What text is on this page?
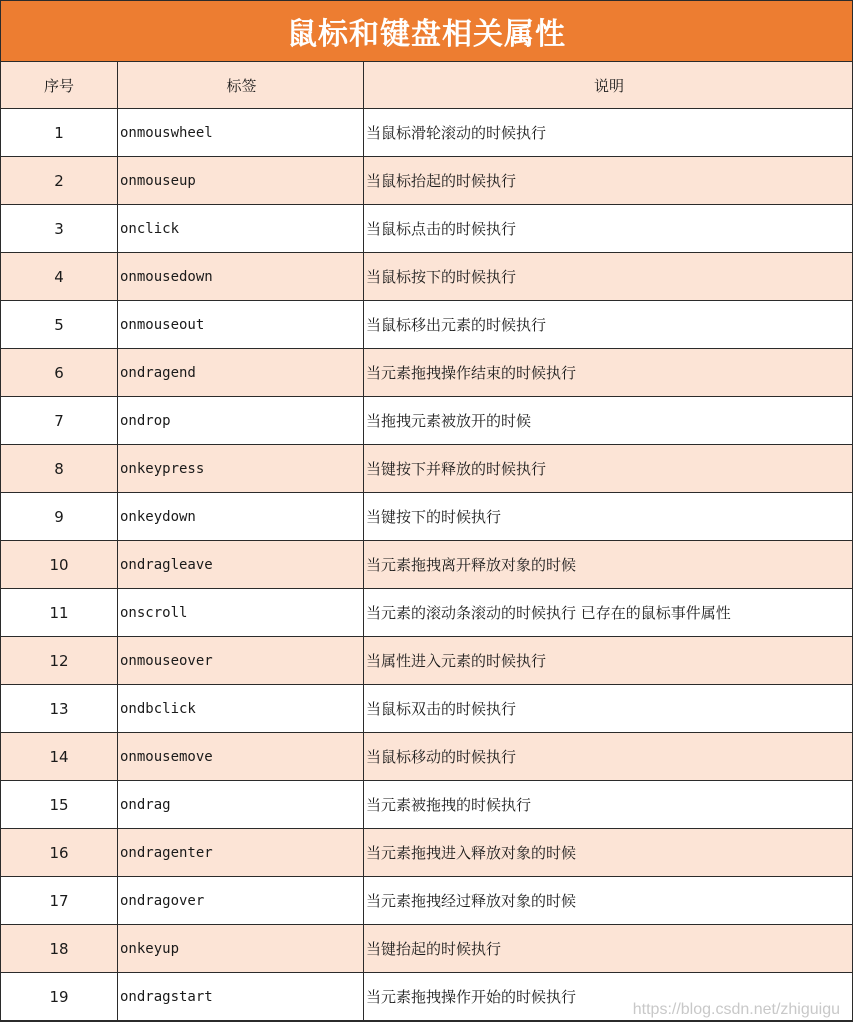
鼠标和键盘相关属性
序号	标签	说明
1	onmouswheel	当鼠标滑轮滚动的时候执行
2	onmouseup	当鼠标抬起的时候执行
3	onclick	当鼠标点击的时候执行
4	onmousedown	当鼠标按下的时候执行
5	onmouseout	当鼠标移出元素的时候执行
6	ondragend	当元素拖拽操作结束的时候执行
7	ondrop	当拖拽元素被放开的时候
8	onkeypress	当键按下并释放的时候执行
9	onkeydown	当键按下的时候执行
10	ondragleave	当元素拖拽离开释放对象的时候
11	onscroll	当元素的滚动条滚动的时候执行 已存在的鼠标事件属性
12	onmouseover	当属性进入元素的时候执行
13	ondbclick	当鼠标双击的时候执行
14	onmousemove	当鼠标移动的时候执行
15	ondrag	当元素被拖拽的时候执行
16	ondragenter	当元素拖拽进入释放对象的时候
17	ondragover	当元素拖拽经过释放对象的时候
18	onkeyup	当键抬起的时候执行
19	ondragstart	当元素拖拽操作开始的时候执行
https://blog.csdn.net/zhiguigu
